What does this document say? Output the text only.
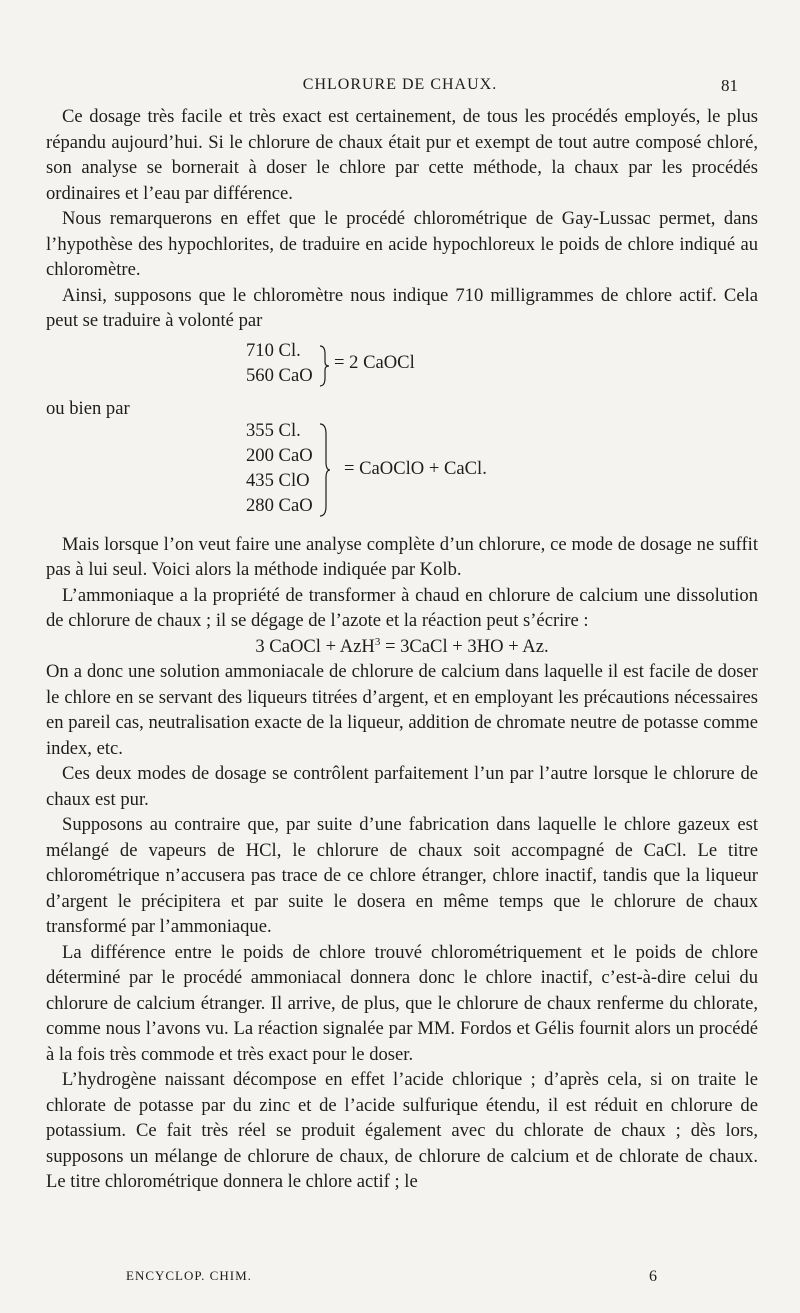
CHLORURE DE CHAUX.	81

Ce dosage très facile et très exact est certainement, de tous les procédés employés, le plus répandu aujourd’hui. Si le chlorure de chaux était pur et exempt de tout autre composé chloré, son analyse se bornerait à doser le chlore par cette méthode, la chaux par les procédés ordinaires et l’eau par différence.

Nous remarquerons en effet que le procédé chlorométrique de Gay-Lussac permet, dans l’hypothèse des hypochlorites, de traduire en acide hypochloreux le poids de chlore indiqué au chloromètre.

Ainsi, supposons que le chloromètre nous indique 710 milligrammes de chlore actif. Cela peut se traduire à volonté par

710 Cl.
560 CaO
= 2 CaOCl
ou bien par
355 Cl.
200 CaO
435 ClO
280 CaO
= CaOClO + CaCl.

Mais lorsque l’on veut faire une analyse complète d’un chlorure, ce mode de dosage ne suffit pas à lui seul. Voici alors la méthode indiquée par Kolb.

L’ammoniaque a la propriété de transformer à chaud en chlorure de calcium une dissolution de chlorure de chaux ; il se dégage de l’azote et la réaction peut s’écrire :

3 CaOCl + AzH$^3$ = 3CaCl + 3HO + Az.

On a donc une solution ammoniacale de chlorure de calcium dans laquelle il est facile de doser le chlore en se servant des liqueurs titrées d’argent, et en employant les précautions nécessaires en pareil cas, neutralisation exacte de la liqueur, addition de chromate neutre de potasse comme index, etc.

Ces deux modes de dosage se contrôlent parfaitement l’un par l’autre lorsque le chlorure de chaux est pur.

Supposons au contraire que, par suite d’une fabrication dans laquelle le chlore gazeux est mélangé de vapeurs de HCl, le chlorure de chaux soit accompagné de CaCl. Le titre chlorométrique n’accusera pas trace de ce chlore étranger, chlore inactif, tandis que la liqueur d’argent le précipitera et par suite le dosera en même temps que le chlorure de chaux transformé par l’ammoniaque.

La différence entre le poids de chlore trouvé chlorométriquement et le poids de chlore déterminé par le procédé ammoniacal donnera donc le chlore inactif, c’est-à-dire celui du chlorure de calcium étranger. Il arrive, de plus, que le chlorure de chaux renferme du chlorate, comme nous l’avons vu. La réaction signalée par MM. Fordos et Gélis fournit alors un procédé à la fois très commode et très exact pour le doser.

L’hydrogène naissant décompose en effet l’acide chlorique ; d’après cela, si on traite le chlorate de potasse par du zinc et de l’acide sulfurique étendu, il est réduit en chlorure de potassium. Ce fait très réel se produit également avec du chlorate de chaux ; dès lors, supposons un mélange de chlorure de chaux, de chlorure de calcium et de chlorate de chaux. Le titre chlorométrique donnera le chlore actif ; le

ENCYCLOP. CHIM.	6
